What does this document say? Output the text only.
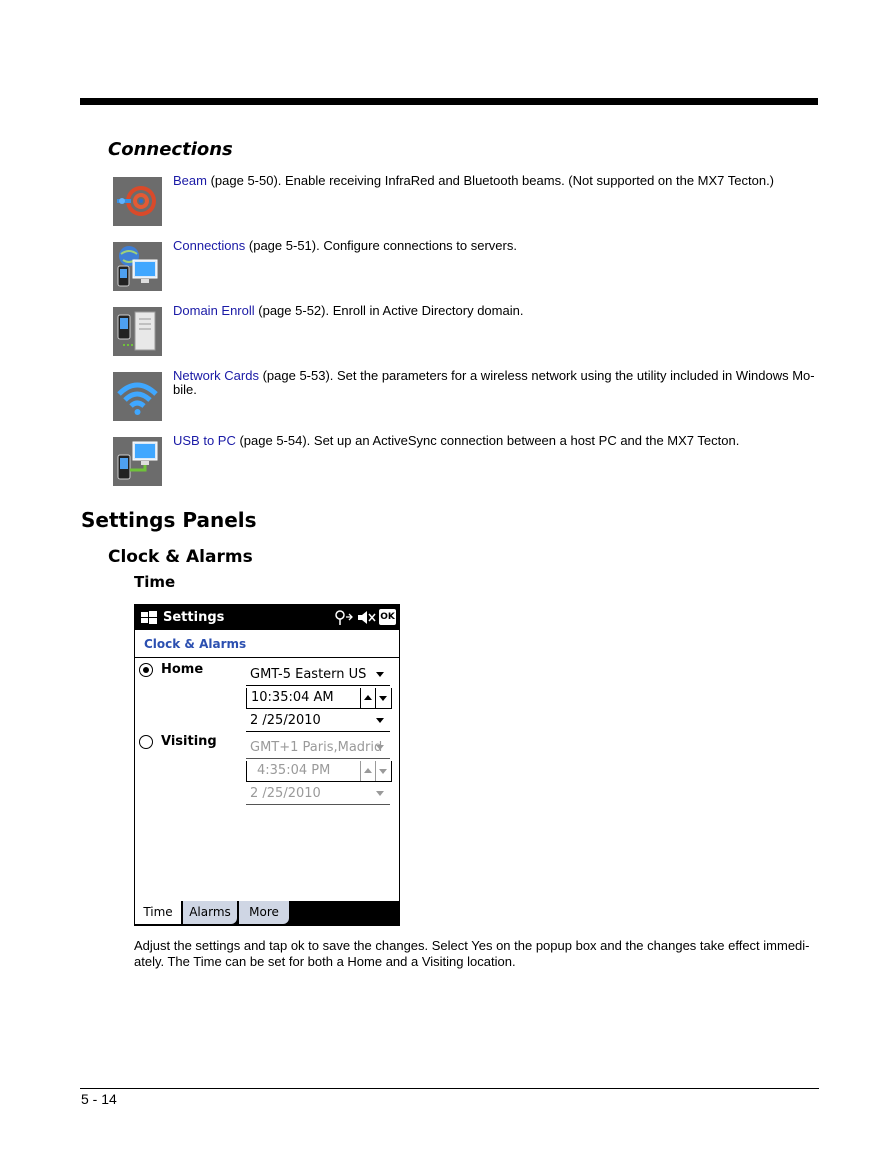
Connections
Beam (page 5-50). Enable receiving InfraRed and Bluetooth beams. (Not supported on the MX7 Tecton.)
Connections (page 5-51). Configure connections to servers.
Domain Enroll (page 5-52). Enroll in Active Directory domain.
Network Cards (page 5-53). Set the parameters for a wireless network using the utility included in Windows Mo-bile.
USB to PC (page 5-54). Set up an ActiveSync connection between a host PC and the MX7 Tecton.
Settings Panels
Clock & Alarms
Time
Settings	OK
Clock & Alarms
Home	GMT-5 Eastern US
10:35:04 AM
2 /25/2010
Visiting	GMT+1 Paris,Madrid
4:35:04 PM
2 /25/2010
Time	Alarms	More
Adjust the settings and tap ok to save the changes. Select Yes on the popup box and the changes take effect immedi-ately. The Time can be set for both a Home and a Visiting location.
5 - 14
